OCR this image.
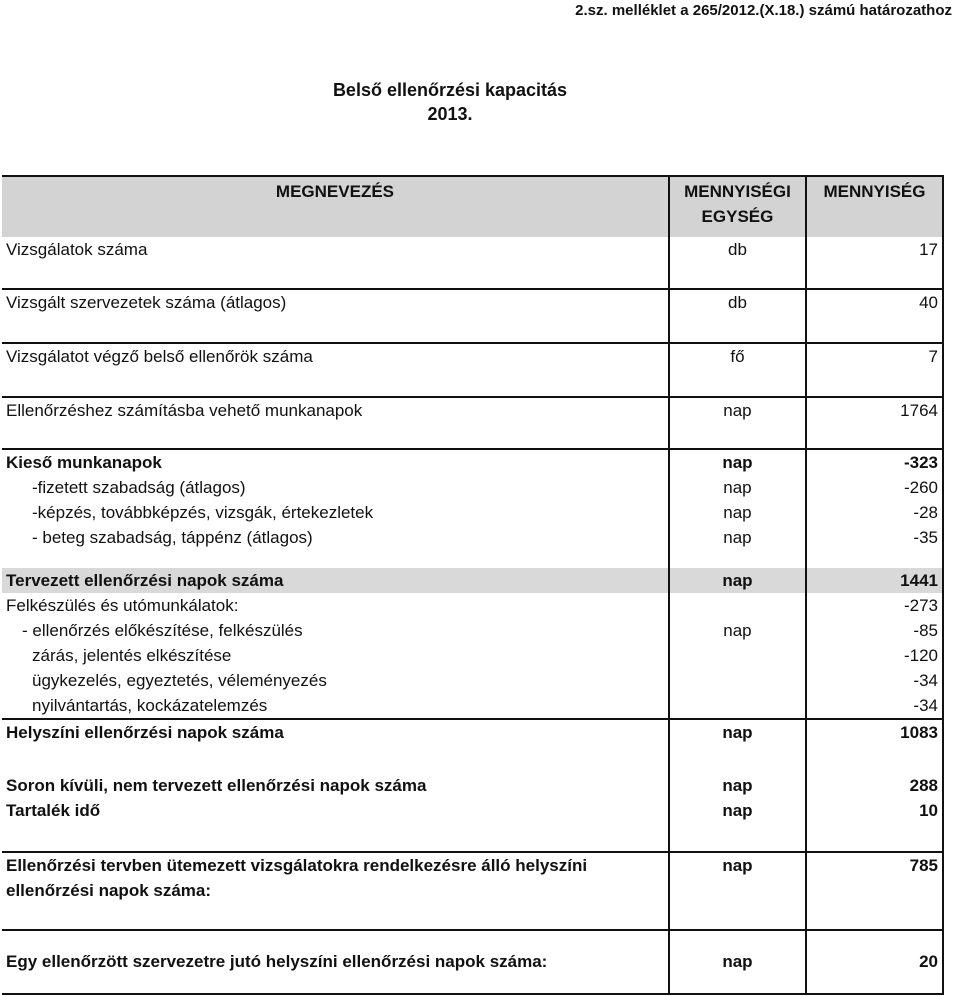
2.sz. melléklet a 265/2012.(X.18.) számú határozathoz
Belső ellenőrzési kapacitás
2013.
MEGNEVEZÉS	MENNYISÉGI EGYSÉG	MENNYISÉG
Vizsgálatok száma	db	17
Vizsgált szervezetek száma (átlagos)	db	40
Vizsgálatot végző belső ellenőrök száma	fő	7
Ellenőrzéshez számításba vehető munkanapok	nap	1764
Kieső munkanapok	nap	-323
-fizetett szabadság (átlagos)	nap	-260
-képzés, továbbképzés, vizsgák, értekezletek	nap	-28
- beteg szabadság, táppénz (átlagos)	nap	-35
Tervezett ellenőrzési napok száma	nap	1441
Felkészülés és utómunkálatok:		-273
- ellenőrzés előkészítése, felkészülés	nap	-85
zárás, jelentés elkészítése		-120
ügykezelés, egyeztetés, véleményezés		-34
nyilvántartás, kockázatelemzés		-34
Helyszíni ellenőrzési napok száma	nap	1083

Soron kívüli, nem tervezett ellenőrzési napok száma	nap	288
Tartalék idő	nap	10

Ellenőrzési tervben ütemezett vizsgálatokra rendelkezésre álló helyszíni ellenőrzési napok száma:	nap	785
Egy ellenőrzött szervezetre jutó helyszíni ellenőrzési napok száma:	nap	20
